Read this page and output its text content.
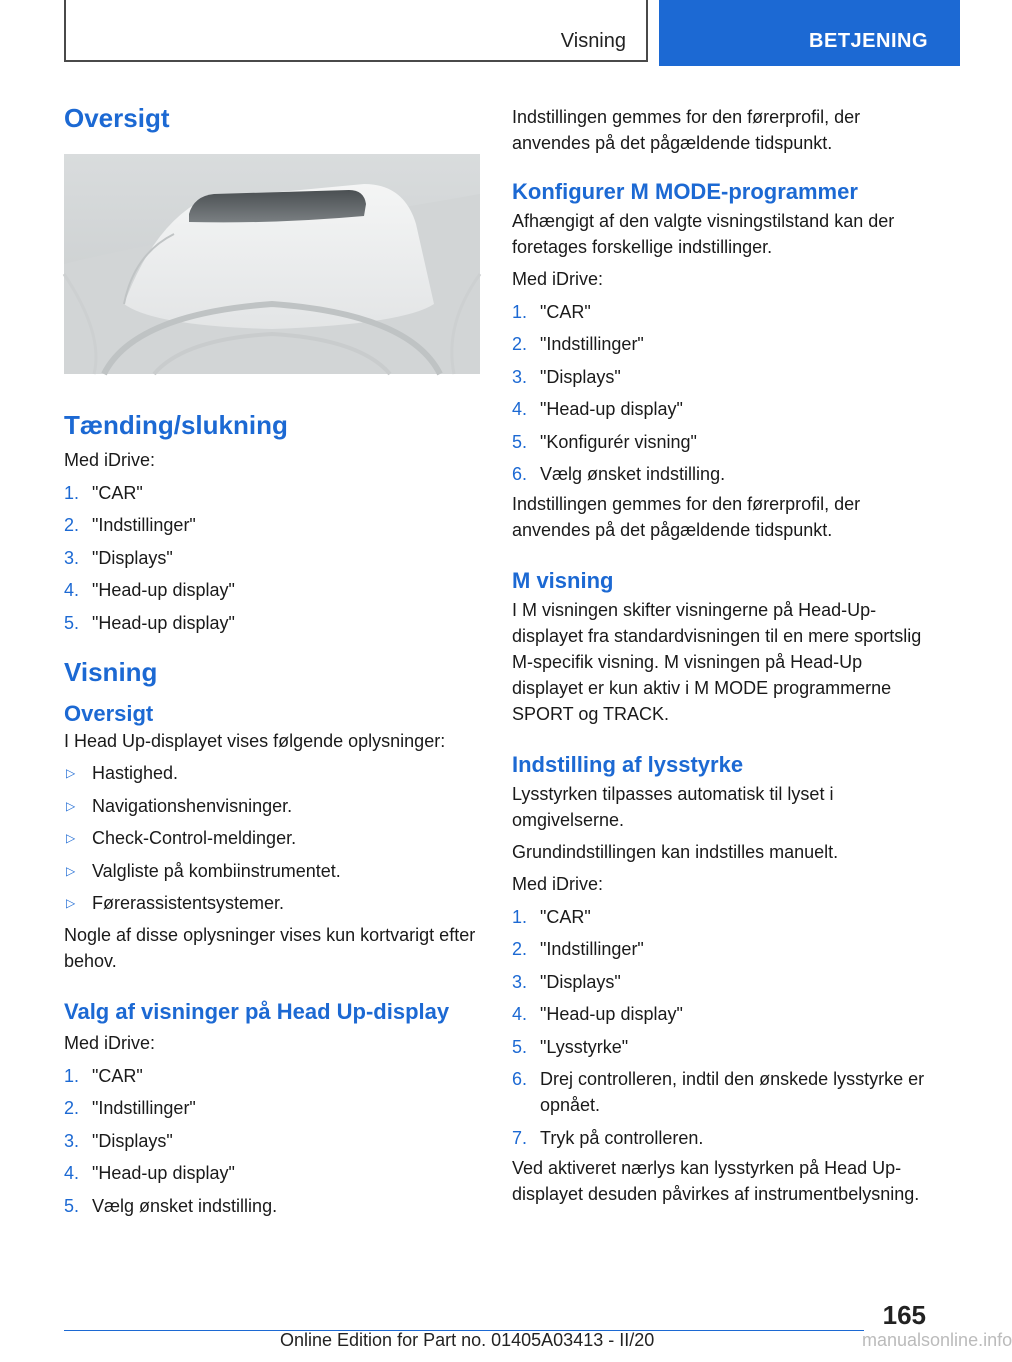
Visning	BETJENING
Oversigt
Tænding/slukning

Med iDrive:

1. "CAR"
2. "Indstillinger"
3. "Displays"
4. "Head-up display"
5. "Head-up display"
Visning
Oversigt

I Head Up-displayet vises følgende oplysninger:

▷ Hastighed.
▷ Navigationshenvisninger.
▷ Check-Control-meldinger.
▷ Valgliste på kombiinstrumentet.
▷ Førerassistentsystemer.

Nogle af disse oplysninger vises kun kortvarigt efter behov.

Valg af visninger på Head Up-display

Med iDrive:

1. "CAR"
2. "Indstillinger"
3. "Displays"
4. "Head-up display"
5. Vælg ønsket indstilling.

Indstillingen gemmes for den førerprofil, der anvendes på det pågældende tidspunkt.

Konfigurer M MODE-programmer

Afhængigt af den valgte visningstilstand kan der foretages forskellige indstillinger.

Med iDrive:

1. "CAR"
2. "Indstillinger"
3. "Displays"
4. "Head-up display"
5. "Konfigurér visning"
6. Vælg ønsket indstilling.

Indstillingen gemmes for den førerprofil, der anvendes på det pågældende tidspunkt.

M visning

I M visningen skifter visningerne på Head-Up-displayet fra standardvisningen til en mere sportslig M-specifik visning. M visningen på Head-Up displayet er kun aktiv i M MODE programmerne SPORT og TRACK.

Indstilling af lysstyrke

Lysstyrken tilpasses automatisk til lyset i omgivelserne.

Grundindstillingen kan indstilles manuelt.

Med iDrive:

1. "CAR"
2. "Indstillinger"
3. "Displays"
4. "Head-up display"
5. "Lysstyrke"
6. Drej controlleren, indtil den ønskede lysstyrke er opnået.
7. Tryk på controlleren.

Ved aktiveret nærlys kan lysstyrken på Head Up-displayet desuden påvirkes af instrumentbelysning.

165
Online Edition for Part no. 01405A03413 - II/20	manualsonline.info
